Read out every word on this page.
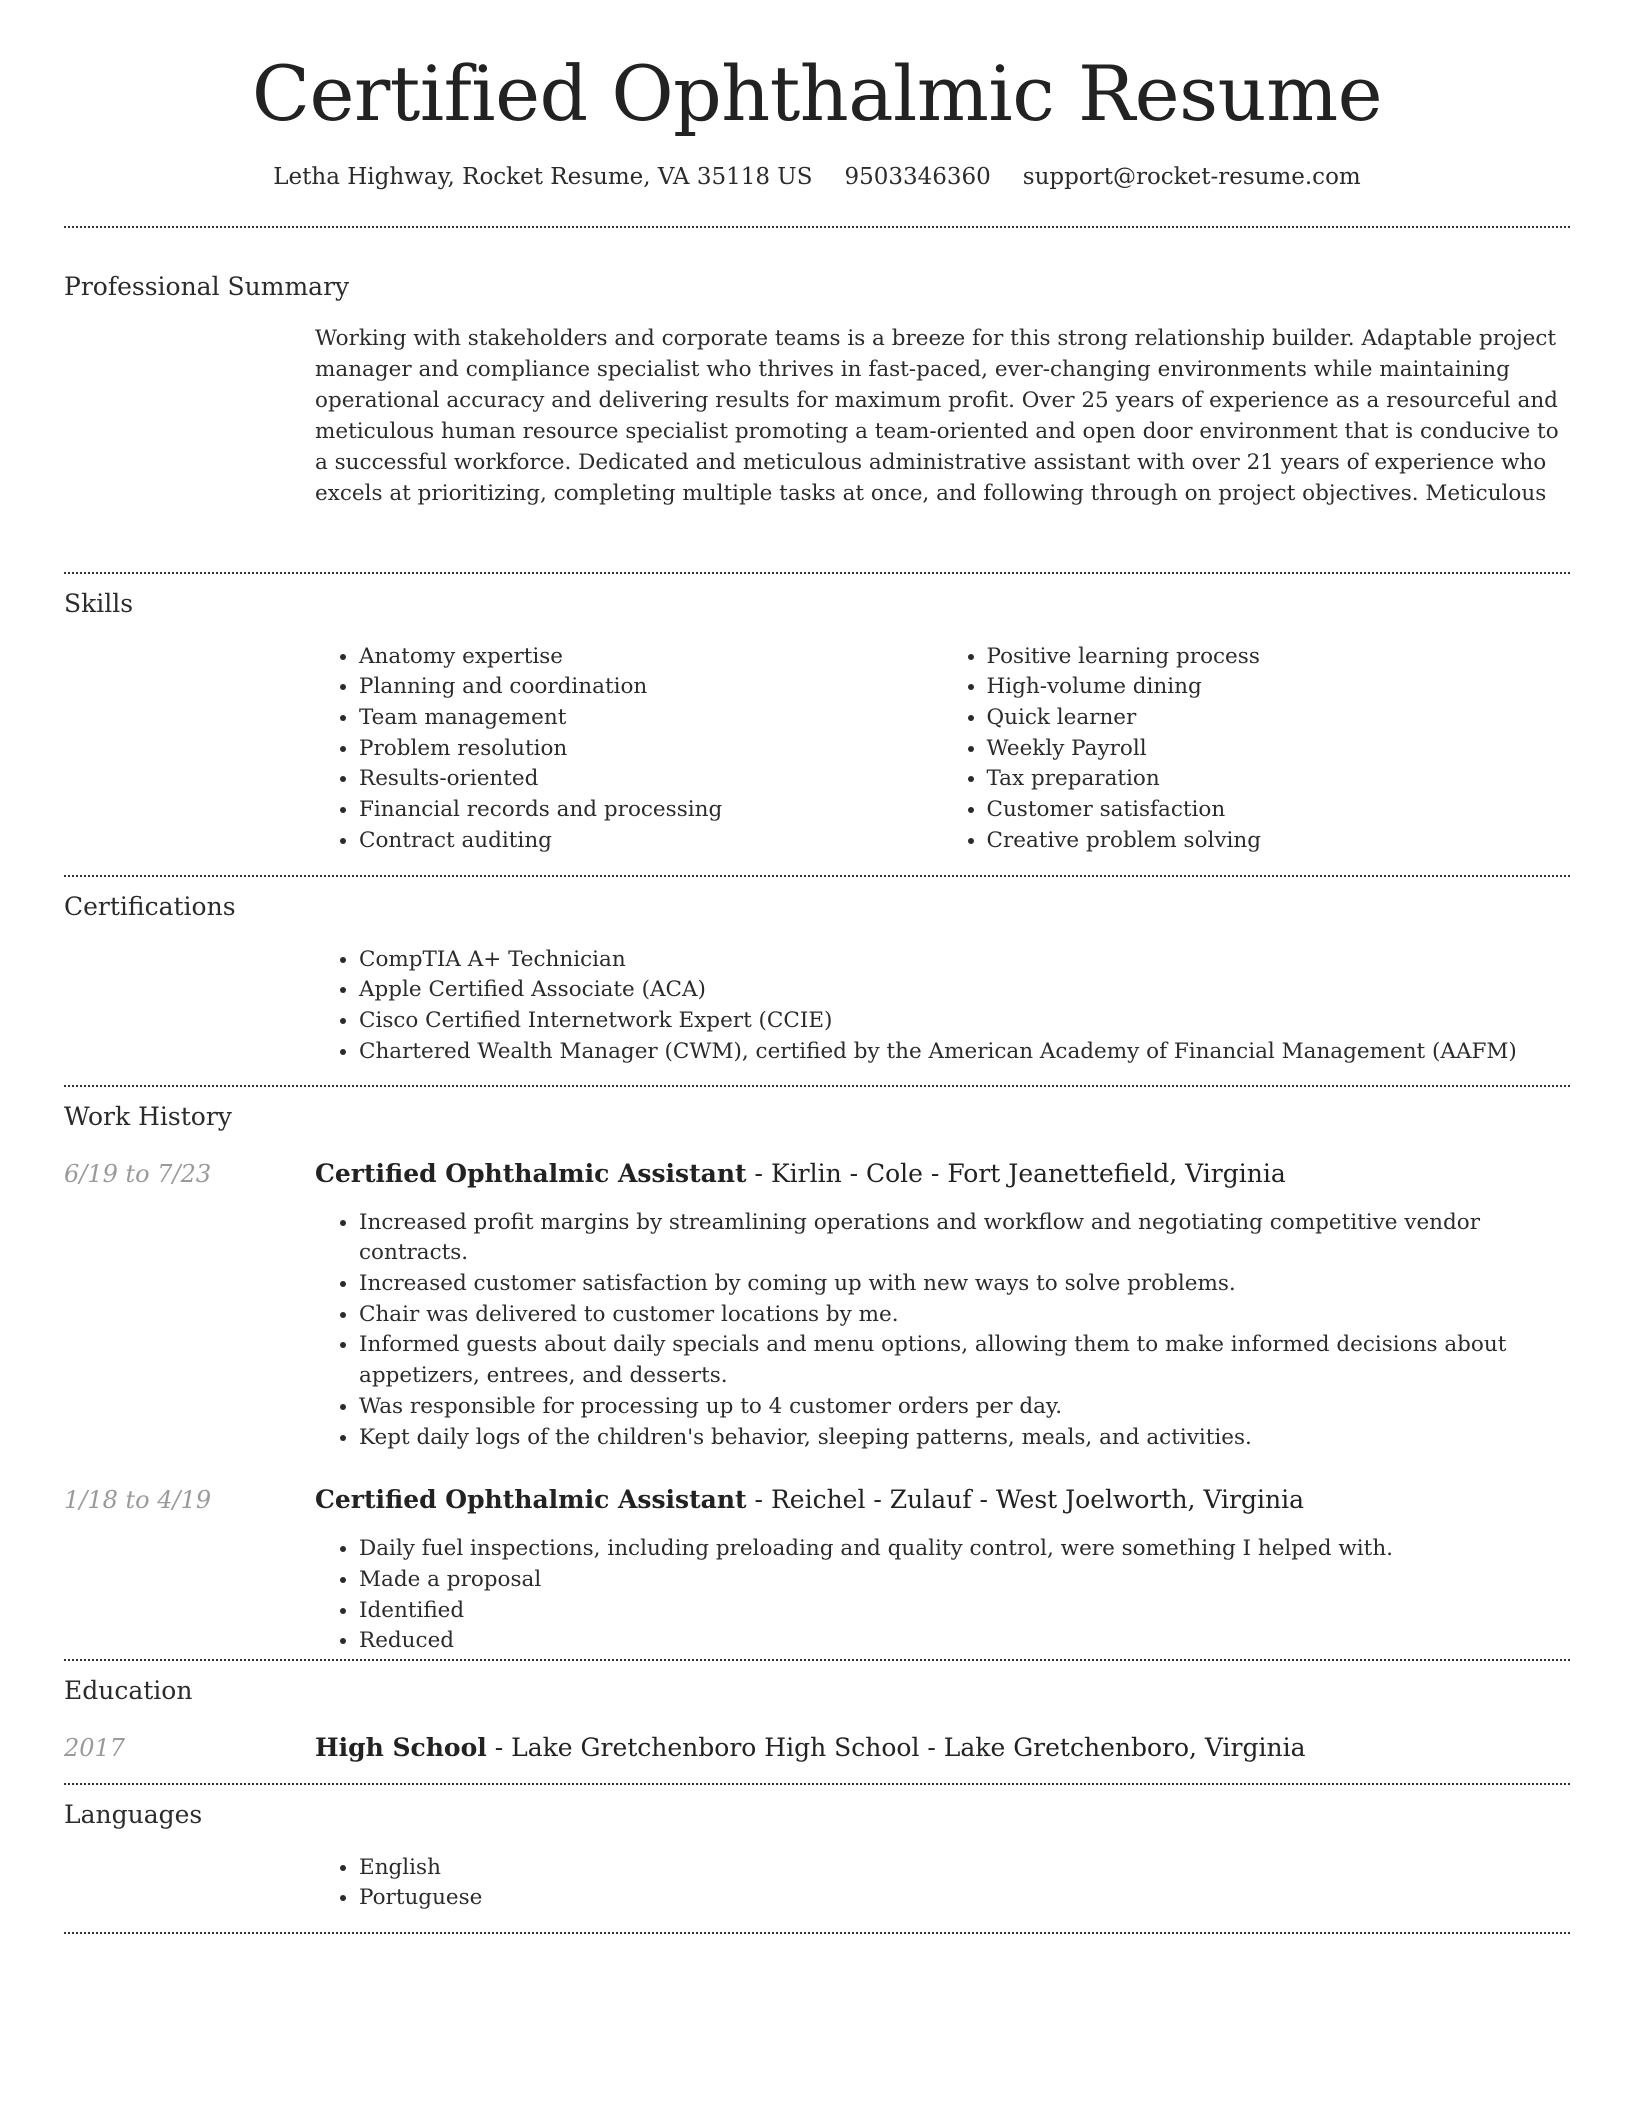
Certified Ophthalmic Resume
Letha Highway, Rocket Resume, VA 35118 US 9503346360 support@rocket-resume.com
Professional Summary

Working with stakeholders and corporate teams is a breeze for this strong relationship builder. Adaptable project manager and compliance specialist who thrives in fast-paced, ever-changing environments while maintaining operational accuracy and delivering results for maximum profit. Over 25 years of experience as a resourceful and meticulous human resource specialist promoting a team-oriented and open door environment that is conducive to a successful workforce. Dedicated and meticulous administrative assistant with over 21 years of experience who excels at prioritizing, completing multiple tasks at once, and following through on project objectives. Meticulous

Skills
• Anatomy expertise
• Planning and coordination
• Team management
• Problem resolution
• Results-oriented
• Financial records and processing
• Contract auditing
• Positive learning process
• High-volume dining
• Quick learner
• Weekly Payroll
• Tax preparation
• Customer satisfaction
• Creative problem solving
Certifications
• CompTIA A+ Technician
• Apple Certified Associate (ACA)
• Cisco Certified Internetwork Expert (CCIE)
• Chartered Wealth Manager (CWM), certified by the American Academy of Financial Management (AAFM)
Work History
6/19 to 7/23	Certified Ophthalmic Assistant - Kirlin - Cole - Fort Jeanettefield, Virginia
• Increased profit margins by streamlining operations and workflow and negotiating competitive vendor contracts.
• Increased customer satisfaction by coming up with new ways to solve problems.
• Chair was delivered to customer locations by me.
• Informed guests about daily specials and menu options, allowing them to make informed decisions about appetizers, entrees, and desserts.
• Was responsible for processing up to 4 customer orders per day.
• Kept daily logs of the children's behavior, sleeping patterns, meals, and activities.
1/18 to 4/19	Certified Ophthalmic Assistant - Reichel - Zulauf - West Joelworth, Virginia
• Daily fuel inspections, including preloading and quality control, were something I helped with.
• Made a proposal
• Identified
• Reduced
Education
2017	High School - Lake Gretchenboro High School - Lake Gretchenboro, Virginia
Languages
• English
• Portuguese
